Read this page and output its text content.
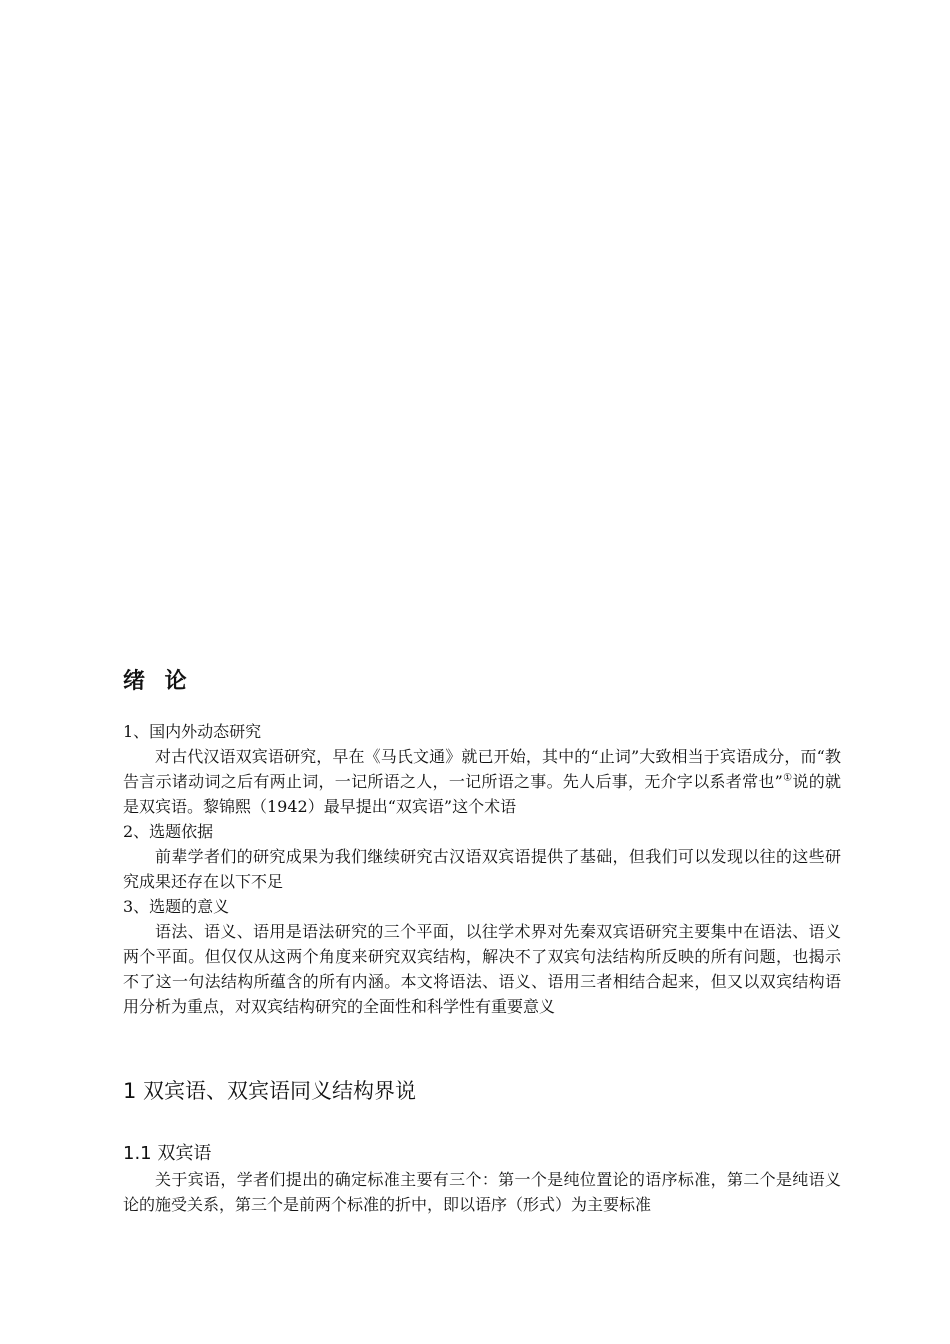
绪 论

1、国内外动态研究

对古代汉语双宾语研究，早在《马氏文通》就已开始，其中的“止词”大致相当于宾语成分，而“教告言示诸动词之后有两止词，一记所语之人，一记所语之事。先人后事，无介字以系者常也”①说的就是双宾语。黎锦熙（1942）最早提出“双宾语”这个术语

2、选题依据

前辈学者们的研究成果为我们继续研究古汉语双宾语提供了基础，但我们可以发现以往的这些研究成果还存在以下不足

3、选题的意义

语法、语义、语用是语法研究的三个平面，以往学术界对先秦双宾语研究主要集中在语法、语义两个平面。但仅仅从这两个角度来研究双宾结构，解决不了双宾句法结构所反映的所有问题，也揭示不了这一句法结构所蕴含的所有内涵。本文将语法、语义、语用三者相结合起来，但又以双宾结构语用分析为重点，对双宾结构研究的全面性和科学性有重要意义

1 双宾语、双宾语同义结构界说
1.1 双宾语

关于宾语，学者们提出的确定标准主要有三个：第一个是纯位置论的语序标准，第二个是纯语义论的施受关系，第三个是前两个标准的折中，即以语序（形式）为主要标准
